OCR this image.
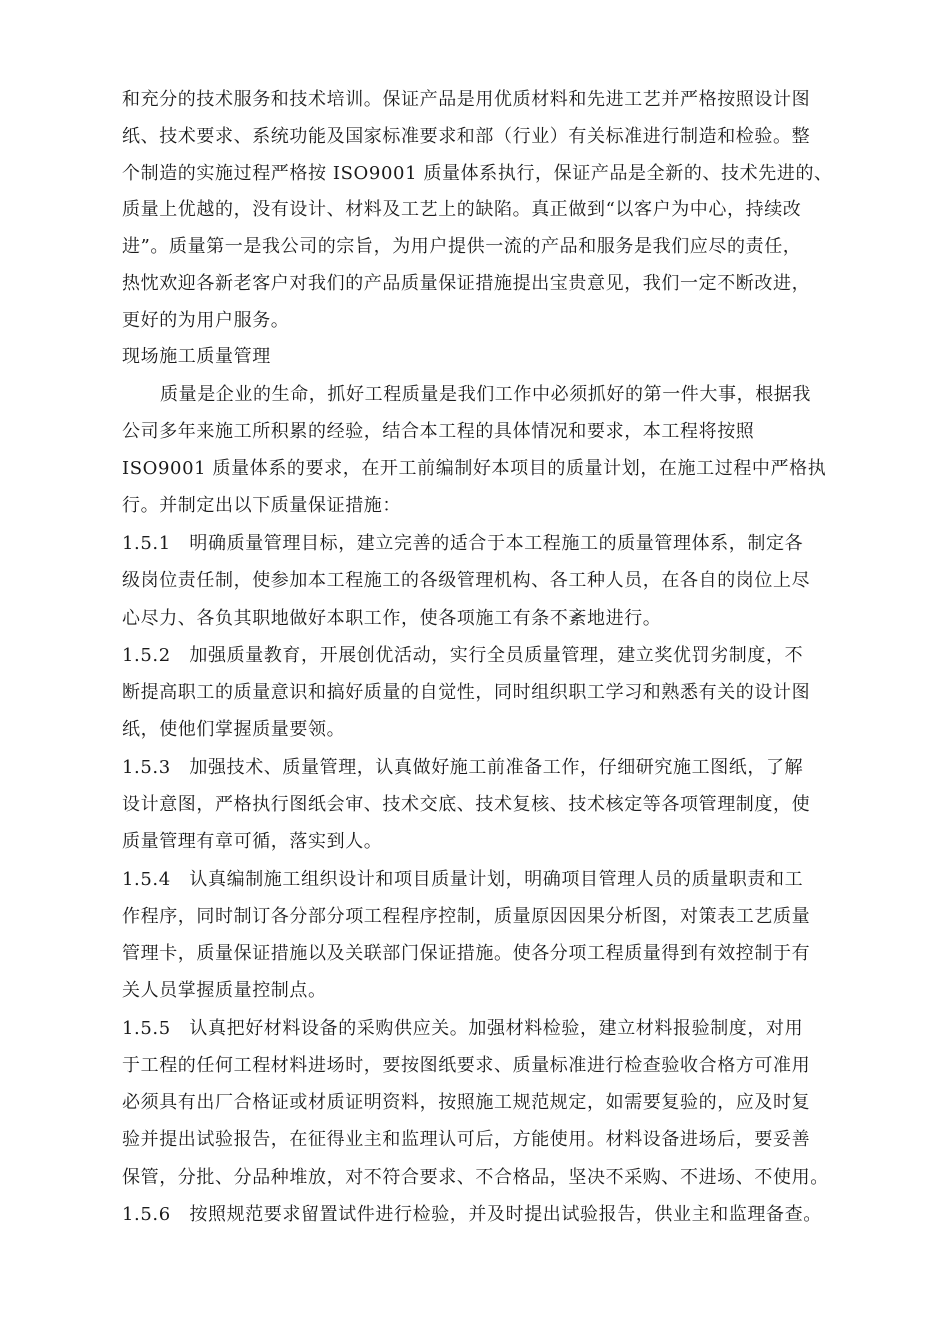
和充分的技术服务和技术培训。保证产品是用优质材料和先进工艺并严格按照设计图
纸、技术要求、系统功能及国家标准要求和部（行业）有关标准进行制造和检验。整
个制造的实施过程严格按 ISO9001 质量体系执行，保证产品是全新的、技术先进的、
质量上优越的，没有设计、材料及工艺上的缺陷。真正做到“以客户为中心，持续改
进”。质量第一是我公司的宗旨，为用户提供一流的产品和服务是我们应尽的责任，
热忱欢迎各新老客户对我们的产品质量保证措施提出宝贵意见，我们一定不断改进，
更好的为用户服务。
现场施工质量管理
质量是企业的生命，抓好工程质量是我们工作中必须抓好的第一件大事，根据我
公司多年来施工所积累的经验，结合本工程的具体情况和要求，本工程将按照
ISO9001 质量体系的要求，在开工前编制好本项目的质量计划，在施工过程中严格执
行。并制定出以下质量保证措施：
1.5.1　明确质量管理目标，建立完善的适合于本工程施工的质量管理体系，制定各
级岗位责任制，使参加本工程施工的各级管理机构、各工种人员，在各自的岗位上尽
心尽力、各负其职地做好本职工作，使各项施工有条不紊地进行。
1.5.2　加强质量教育，开展创优活动，实行全员质量管理，建立奖优罚劣制度，不
断提高职工的质量意识和搞好质量的自觉性，同时组织职工学习和熟悉有关的设计图
纸，使他们掌握质量要领。
1.5.3　加强技术、质量管理，认真做好施工前准备工作，仔细研究施工图纸，了解
设计意图，严格执行图纸会审、技术交底、技术复核、技术核定等各项管理制度，使
质量管理有章可循，落实到人。
1.5.4　认真编制施工组织设计和项目质量计划，明确项目管理人员的质量职责和工
作程序，同时制订各分部分项工程程序控制，质量原因因果分析图，对策表工艺质量
管理卡，质量保证措施以及关联部门保证措施。使各分项工程质量得到有效控制于有
关人员掌握质量控制点。
1.5.5　认真把好材料设备的采购供应关。加强材料检验，建立材料报验制度，对用
于工程的任何工程材料进场时，要按图纸要求、质量标准进行检查验收合格方可准用
必须具有出厂合格证或材质证明资料，按照施工规范规定，如需要复验的，应及时复
验并提出试验报告，在征得业主和监理认可后，方能使用。材料设备进场后，要妥善
保管，分批、分品种堆放，对不符合要求、不合格品，坚决不采购、不进场、不使用。
1.5.6　按照规范要求留置试件进行检验，并及时提出试验报告，供业主和监理备查。
